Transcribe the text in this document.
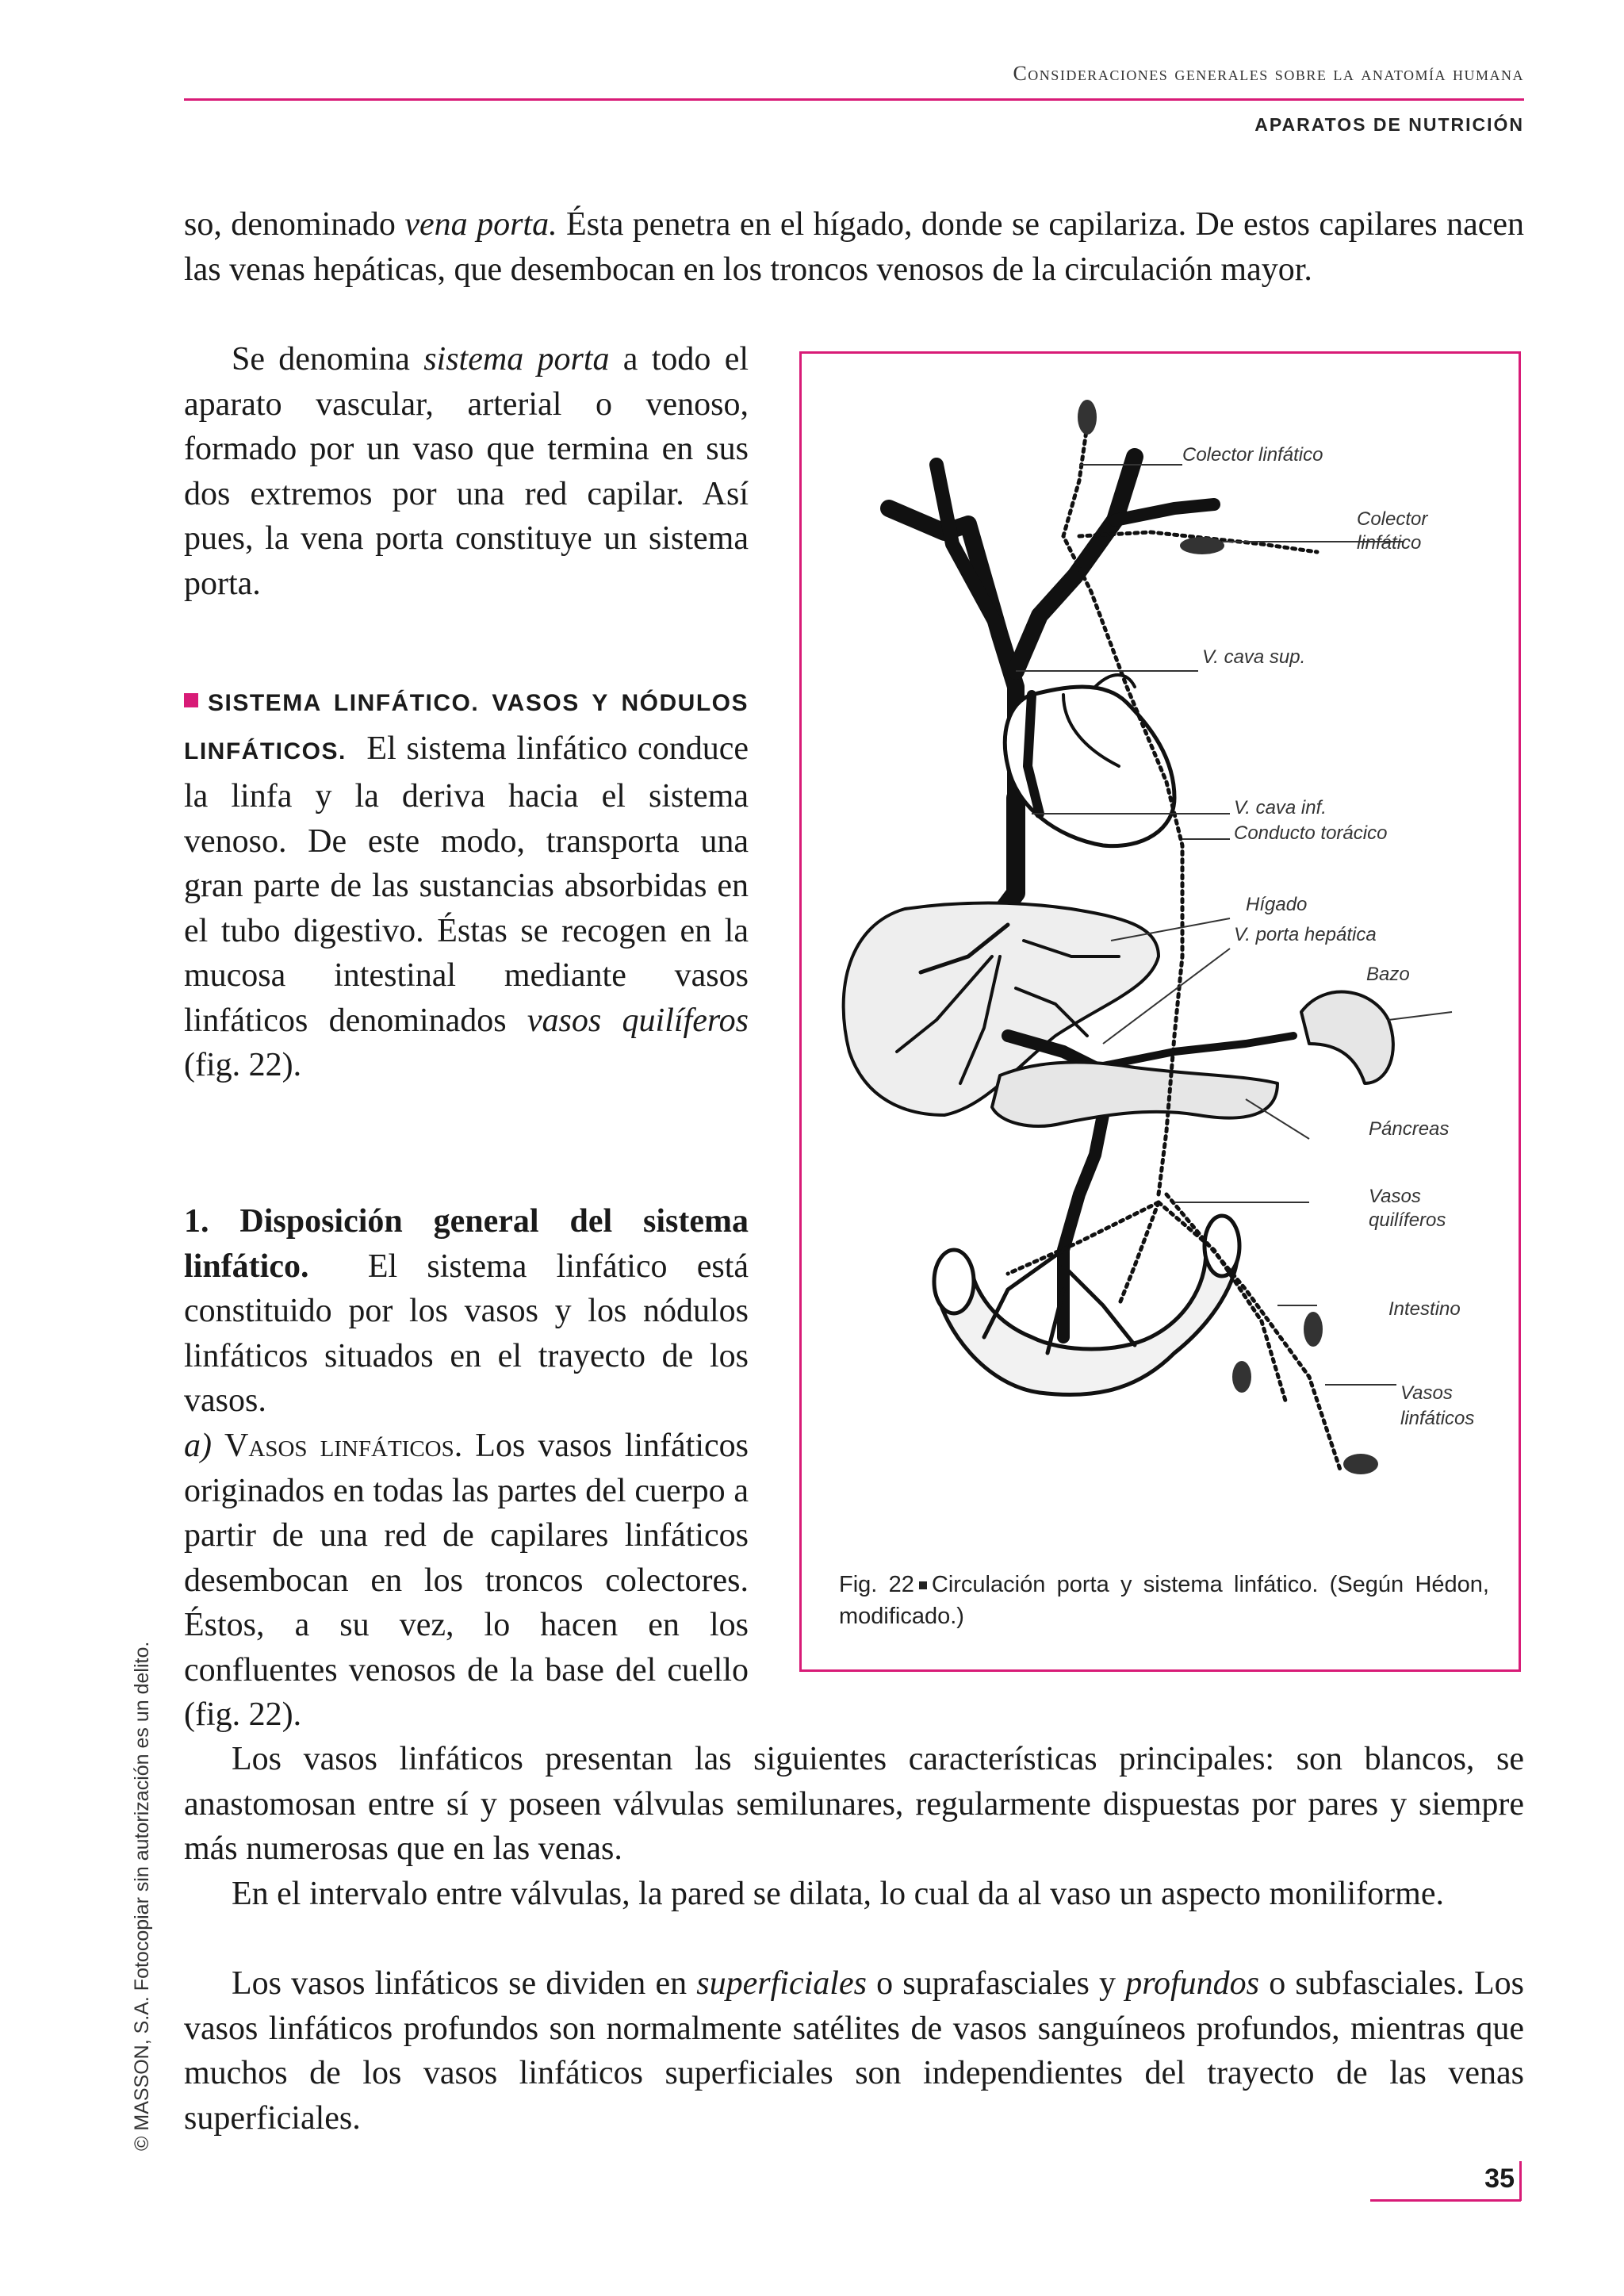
Consideraciones generales sobre la anatomía humana
APARATOS DE NUTRICIÓN

so, denominado vena porta. Ésta penetra en el hígado, donde se capilariza. De estos capilares nacen las venas hepáticas, que desembocan en los troncos venosos de la circulación mayor.

Se denomina sistema porta a todo el aparato vascular, arterial o venoso, formado por un vaso que termina en sus dos extremos por una red capilar. Así pues, la vena porta constituye un sistema porta.

SISTEMA LINFÁTICO. VASOS Y NÓDULOS LINFÁTICOS. El sistema linfático conduce la linfa y la deriva hacia el sistema venoso. De este modo, transporta una gran parte de las sustancias absorbidas en el tubo digestivo. Éstas se recogen en la mucosa intestinal mediante vasos linfáticos denominados vasos quilíferos (fig. 22).

1. Disposición general del sistema linfático. El sistema linfático está constituido por los vasos y los nódulos linfáticos situados en el trayecto de los vasos.

a) Vasos linfáticos. Los vasos linfáticos originados en todas las partes del cuerpo a partir de una red de capilares linfáticos desembocan en los troncos colectores. Éstos, a su vez, lo hacen en los confluentes venosos de la base del cuello (fig. 22).

Los vasos linfáticos presentan las siguientes características principales: son blancos, se anastomosan entre sí y poseen válvulas semilunares, regularmente dispuestas por pares y siempre más numerosas que en las venas.

En el intervalo entre válvulas, la pared se dilata, lo cual da al vaso un aspecto moniliforme.

Los vasos linfáticos se dividen en superficiales o suprafasciales y profundos o subfasciales. Los vasos linfáticos profundos son normalmente satélites de vasos sanguíneos profundos, mientras que muchos de los vasos linfáticos superficiales son independientes del trayecto de las venas superficiales.

Colector linfático
Colector
linfático
V. cava sup.
V. cava inf.
Conducto torácico
Hígado
V. porta hepática
Bazo
Páncreas
Vasos
quilíferos
Intestino
Vasos
linfáticos

Fig. 22 Circulación porta y sistema linfático. (Según Hédon, modificado.)

© MASSON, S.A. Fotocopiar sin autorización es un delito.
35
